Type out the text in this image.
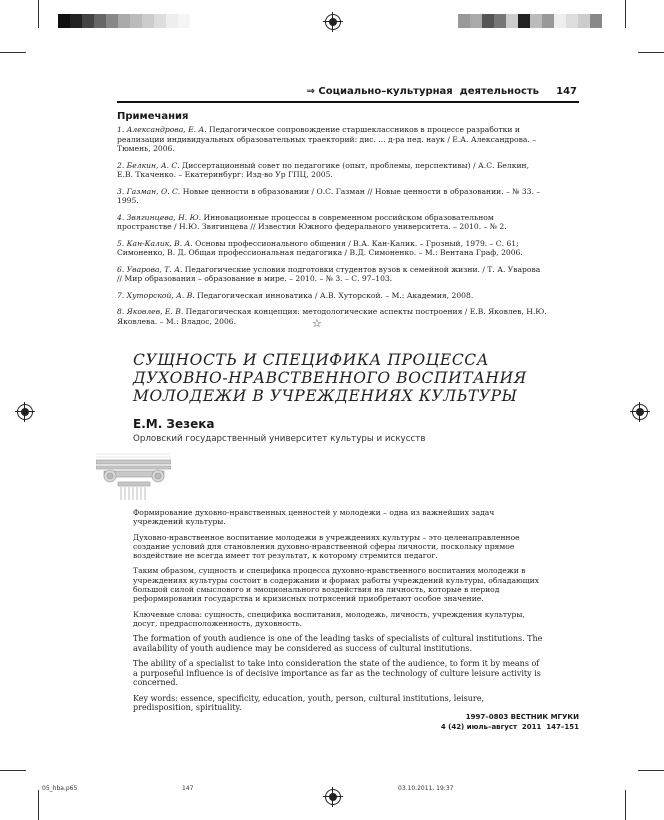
⇒ Социально–культурная  деятельность 147
Примечания

1. Александрова, Е. А. Педагогическое сопровождение старшеклассников в процессе разработки и реализации индивидуальных образовательных траекторий: дис. ... д-ра пед. наук / Е.А. Александрова. – Тюмень, 2006.

2. Белкин, А. С. Диссертационный совет по педагогике (опыт, проблемы, перспективы) / А.С. Белкин, Е.В. Ткаченко. – Екатеринбург: Изд-во Ур ГПЦ, 2005.

3. Газман, О. С. Новые ценности в образовании / О.С. Газман // Новые ценности в образовании. – № 33. – 1995.

4. Звягинцева, Н. Ю. Инновационные процессы в современном российском образовательном пространстве / Н.Ю. Звягинцева // Известия Южного федерального университета. – 2010. – № 2.

5. Кан-Калик, В. А. Основы профессионального общения / В.А. Кан-Калик. – Грозный, 1979. – С. 61; Симоненко, В. Д. Общая профессиональная педагогика / В.Д. Симоненко. – М.: Вентана Граф, 2006.

6. Уварова, Т. А. Педагогические условия подготовки студентов вузов к семейной жизни. / Т. А. Уварова // Мир образования – образование в мире. – 2010. – № 3. – С. 97–103.

7. Хуторской, А. В. Педагогическая инноватика / А.В. Хуторской. – М.: Академия, 2008.

8. Яковлев, Е. В. Педагогическая концепция: методологические аспекты построения / Е.В. Яковлев, Н.Ю. Яковлева. – М.: Владос, 2006.	☆
СУЩНОСТЬ И СПЕЦИФИКА ПРОЦЕССА
ДУХОВНО-НРАВСТВЕННОГО ВОСПИТАНИЯ
МОЛОДЕЖИ В УЧРЕЖДЕНИЯХ КУЛЬТУРЫ
Е.М. Зезека
Орловский государственный университет культуры и искусств

Формирование духовно-нравственных ценностей у молодежи – одна из важнейших задач учреждений культуры.

Духовно-нравственное воспитание молодежи в учреждениях культуры – это целенаправленное создание условий для становления духовно-нравственной сферы личности, поскольку прямое воздействие не всегда имеет тот результат, к которому стремится педагог.

Таким образом, сущность и специфика процесса духовно-нравственного воспитания молодежи в учреждениях культуры состоит в содержании и формах работы учреждений культуры, обладающих большой силой смыслового и эмоционального воздействия на личность, которые в период реформирования государства и кризисных потрясений приобретают особое значение.

Ключевые слова: сущность, специфика воспитания, молодежь, личность, учреждения культуры, досуг, предрасположенность, духовность.

The formation of youth audience is one of the leading tasks of specialists of cultural institutions. The availability of youth audience may be considered as success of cultural institutions.

The ability of a specialist to take into consideration the state of the audience, to form it by means of a purposeful influence is of decisive importance as far as the technology of culture leisure activity is concerned.

Key words: essence, specificity, education, youth, person, cultural institutions, leisure, predisposition, spirituality.

1997–0803 ВЕСТНИК МГУКИ
4 (42) июль–август  2011  147–151
05_hba.p65	147	03.10.2011, 19:37
